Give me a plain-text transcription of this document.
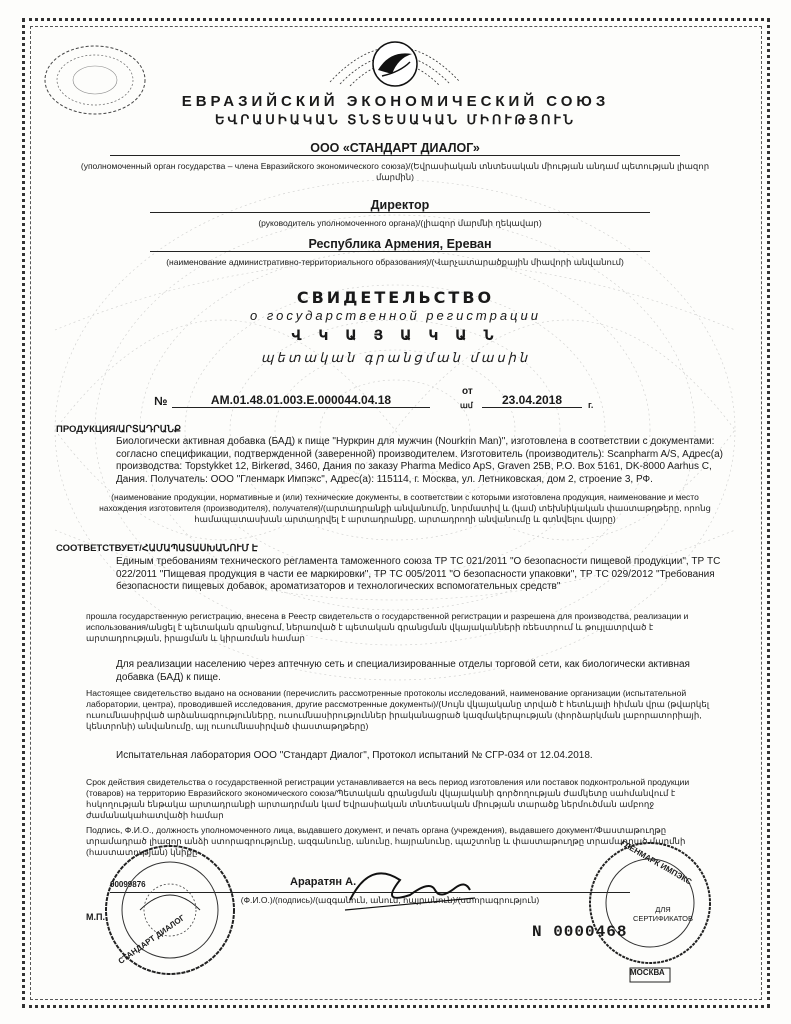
ЕВРАЗИЙСКИЙ ЭКОНОМИЧЕСКИЙ СОЮЗ
ԵՎՐԱՍԻԱԿԱՆ ՏՆՏԵՍԱԿԱՆ ՄԻՈՒԹՅՈՒՆ
ООО «СТАНДАРТ ДИАЛОГ»
(уполномоченный орган государства – члена Евразийского экономического союза)/(Եվրասիական տնտեսական միության անդամ պետության լիազոր մարմին)
Директор
(руководитель уполномоченного органа)/(լիազոր մարմնի ղեկավար)
Республика Армения, Ереван
(наименование административно-территориального образования)/(Վարչատարածքային միավորի անվանում)
СВИДЕТЕЛЬСТВО
о государственной регистрации
Վ Կ Ա Յ Ա Կ Ա Ն
պետական գրանցման մասին
№	AM.01.48.01.003.E.000044.04.18
от
ամ	23.04.2018	г.
ПРОДУКЦИЯ/ԱՐՏԱԴՐԱՆՔ
Биологически активная добавка (БАД) к пище "Нуркрин для мужчин (Nourkrin Man)", изготовлена в соответствии с документами: согласно спецификации, подтвержденной (заверенной) производителем. Изготовитель (производитель): Scanpharm A/S, Адрес(а) производства: Topstykket 12, Birkerød, 3460, Дания по заказу Pharma Medico ApS, Graven 25B, P.O. Box 5161, DK-8000 Aarhus C, Дания. Получатель: ООО "Гленмарк Импэкс", Адрес(а): 115114, г. Москва, ул. Летниковская, дом 2, строение 3, РФ.
(наименование продукции, нормативные и (или) технические документы, в соответствии с которыми изготовлена продукция, наименование и место нахождения изготовителя (производителя), получателя)/(արտադրանքի անվանումը, նորմատիվ և (կամ) տեխնիկական փաստաթղթերը, որոնց համապատասխան արտադրվել է արտադրանքը, արտադրողի անվանումը և գտնվելու վայրը)
СООТВЕТСТВУЕТ/ՀԱՄԱՊԱՏԱՍԽԱՆՈՒՄ Է
Единым требованиям технического регламента таможенного союза ТР ТС 021/2011 "О безопасности пищевой продукции", ТР ТС 022/2011 "Пищевая продукция в части ее маркировки", ТР ТС 005/2011 "О безопасности упаковки", ТР ТС 029/2012 "Требования безопасности пищевых добавок, ароматизаторов и технологических вспомогательных средств"
прошла государственную регистрацию, внесена в Реестр свидетельств о государственной регистрации и разрешена для производства, реализации и использования/անցել է պետական գրանցում, ներառված է պետական գրանցման վկայականների ռեեստրում և թույլատրված է արտադրության, իրացման և կիրառման համար
Для реализации населению через аптечную сеть и специализированные отделы торговой сети, как биологически активная добавка (БАД) к пище.
Настоящее свидетельство выдано на основании (перечислить рассмотренные протоколы исследований, наименование организации (испытательной лаборатории, центра), проводившей исследования, другие рассмотренные документы)/(Սույն վկայականը տրված է հետևյալի հիման վրա (թվարկել ուսումնասիրված արձանագրությունները, ուսումնասիրություններ իրականացրած կազմակերպության (փորձարկման լաբորատորիայի, կենտրոնի) անվանումը, այլ ուսումնասիրված փաստաթղթերը)
Испытательная лаборатория ООО "Стандарт Диалог", Протокол испытаний № СГР-034 от 12.04.2018.
Срок действия свидетельства о государственной регистрации устанавливается на весь период изготовления или поставок подконтрольной продукции (товаров) на территорию Евразийского экономического союза/Պետական գրանցման վկայականի գործողության ժամկետը սահմանվում է հսկողության ենթակա արտադրանքի արտադրման կամ Եվրասիական տնտեսական միության տարածք ներմուծման ամբողջ ժամանակահատվածի համար
Подпись, Ф.И.О., должность уполномоченного лица, выдавшего документ, и печать органа (учреждения), выдавшего документ/Փաստաթուղթը տրամադրած լիազոր անձի ստորագրությունը, ազգանունը, անունը, հայրանունը, պաշտոնը և փաստաթուղթը տրամադրած մարմնի (հաստատության) կնիքը
Араратян А.
(Ф.И.О.)/(подпись)/(ազգանուն, անուն, հայրանուն)/(ստորագրություն)
М.П.
00099876
СТАНДАРТ ДИАЛОГ
ГЛЕНМАРК ИМПЭКС
ДЛЯ СЕРТИФИКАТОВ
МОСКВА
N 0000468
